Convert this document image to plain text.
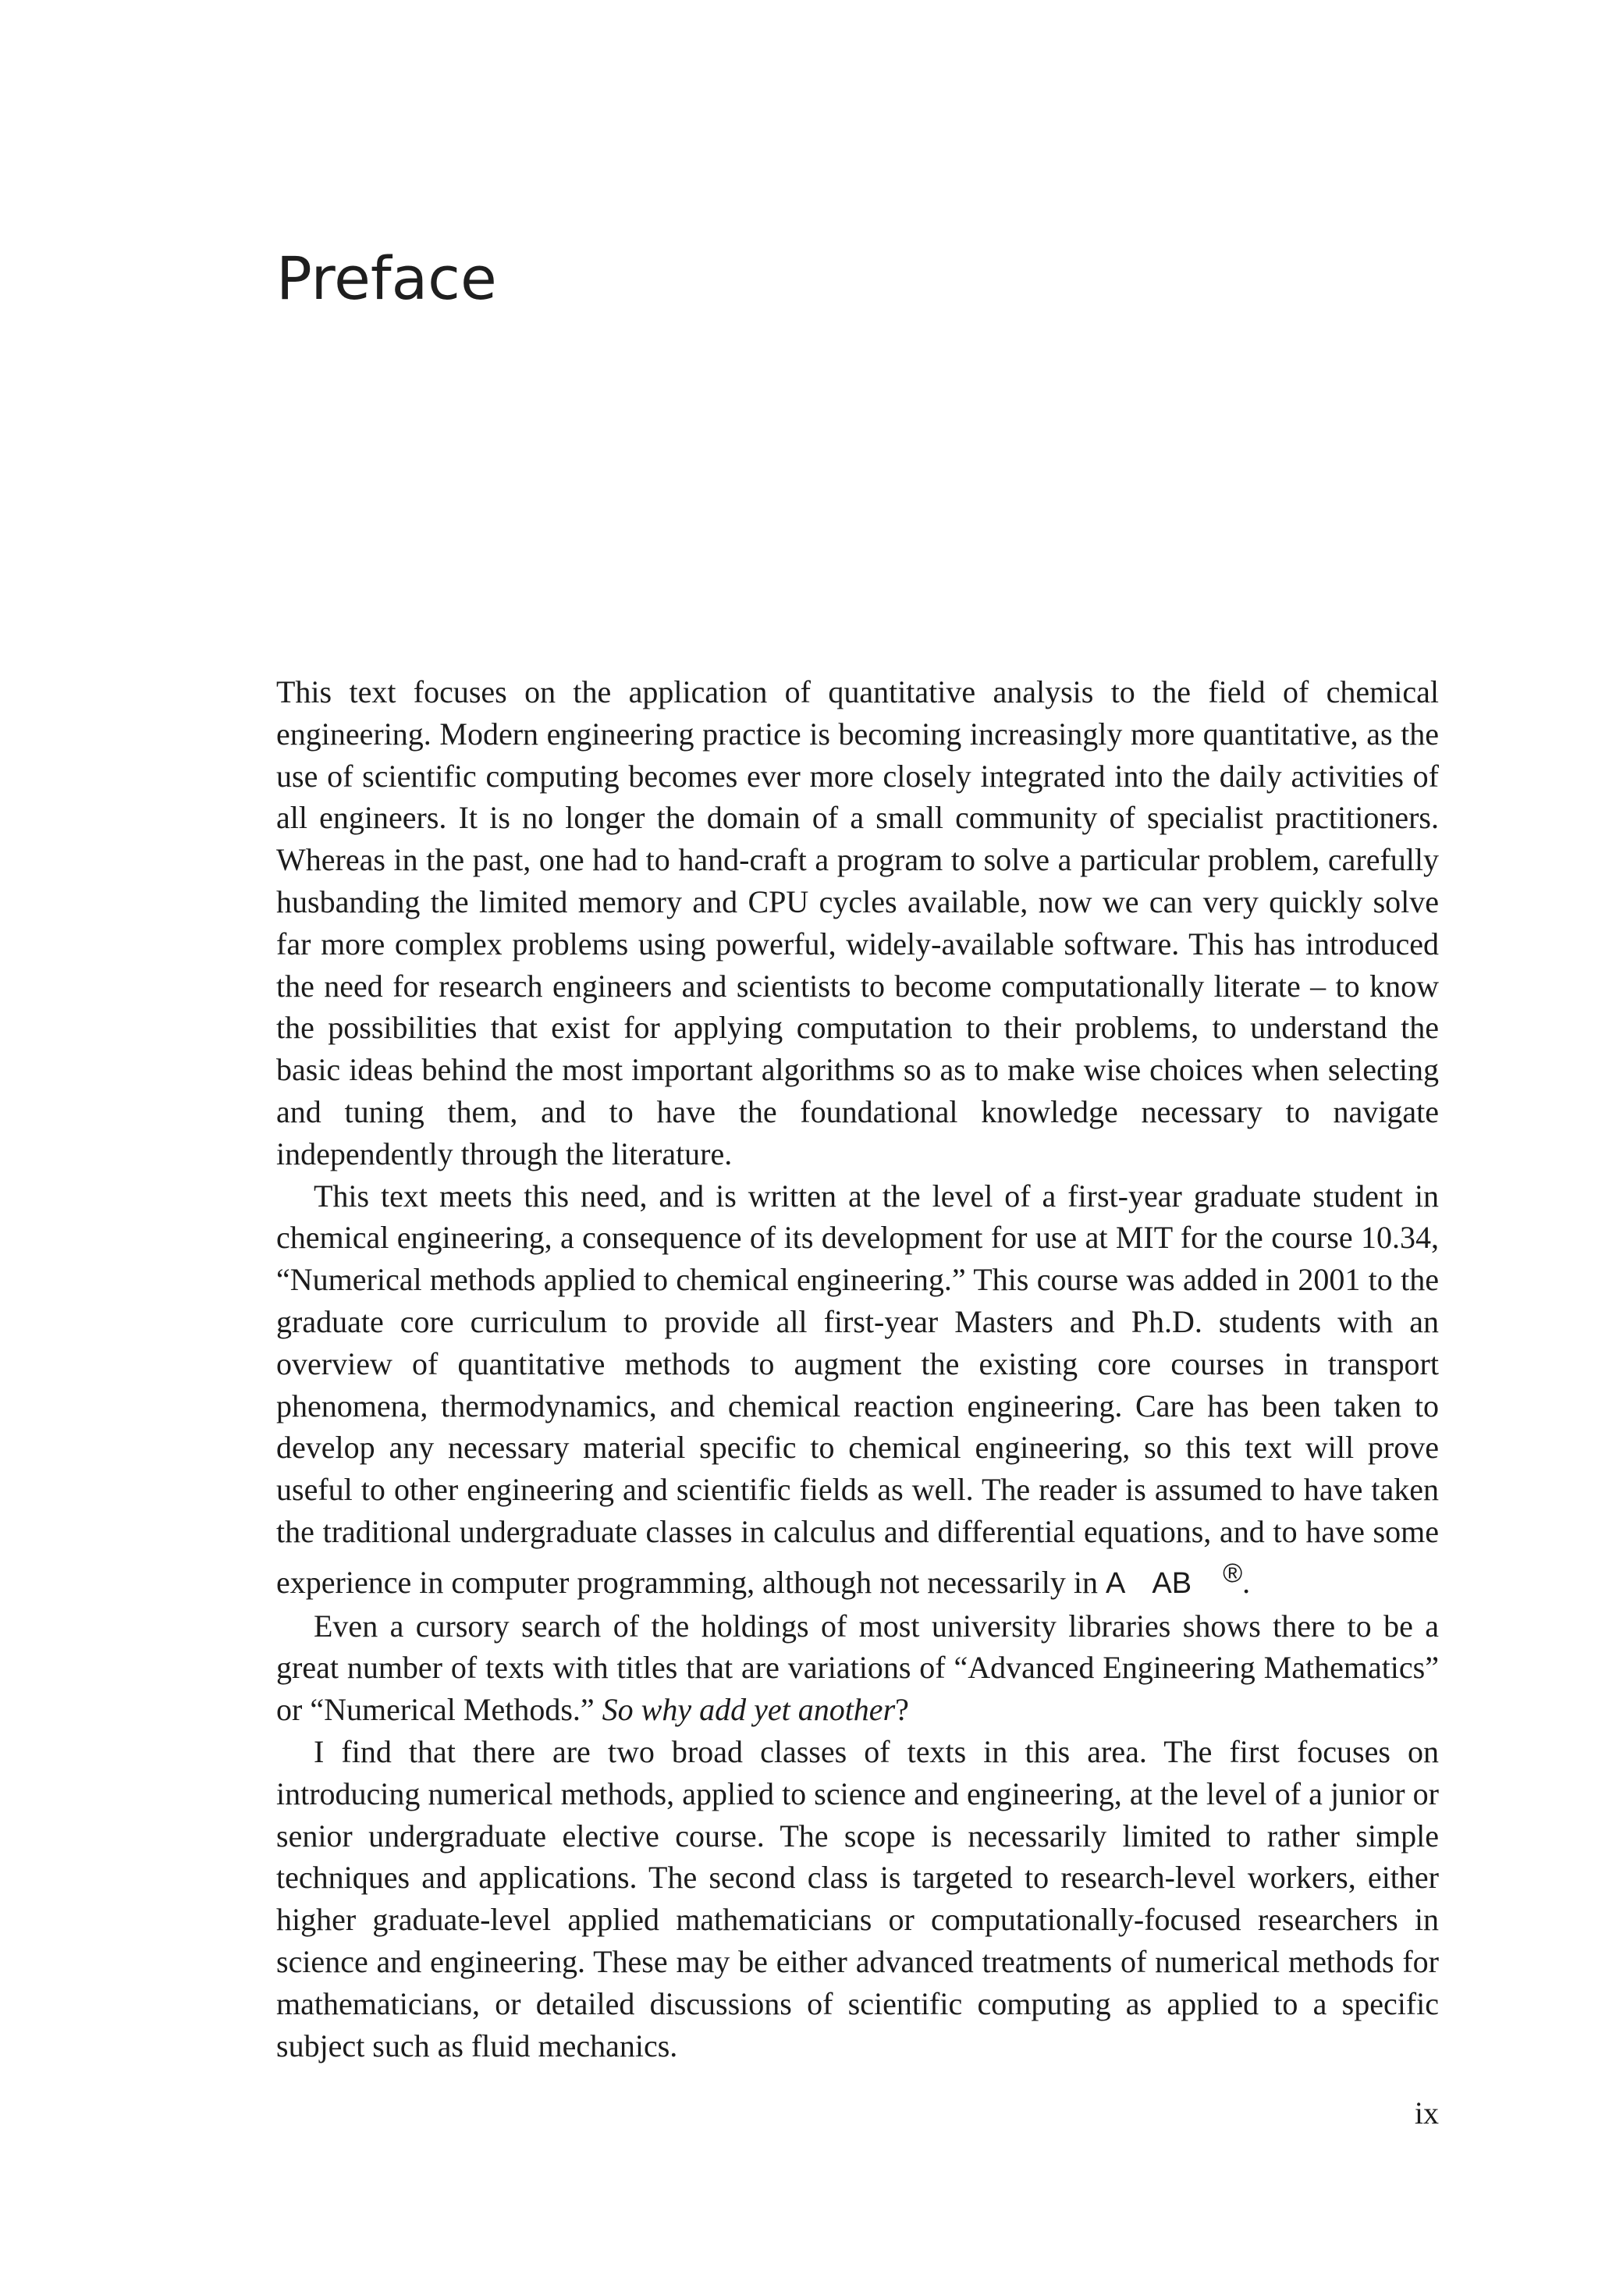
Preface

This text focuses on the application of quantitative analysis to the field of chemical engineering. Modern engineering practice is becoming increasingly more quantitative, as the use of scientific computing becomes ever more closely integrated into the daily activities of all engineers. It is no longer the domain of a small community of specialist practitioners. Whereas in the past, one had to hand-craft a program to solve a particular problem, carefully husbanding the limited memory and CPU cycles available, now we can very quickly solve far more complex problems using powerful, widely-available software. This has introduced the need for research engineers and scientists to become computationally literate – to know the possibilities that exist for applying computation to their problems, to understand the basic ideas behind the most important algorithms so as to make wise choices when selecting and tuning them, and to have the foundational knowledge necessary to navigate independently through the literature.

This text meets this need, and is written at the level of a first-year graduate student in chemical engineering, a consequence of its development for use at MIT for the course 10.34, “Numerical methods applied to chemical engineering.” This course was added in 2001 to the graduate core curriculum to provide all first-year Masters and Ph.D. students with an overview of quantitative methods to augment the existing core courses in transport phenomena, thermodynamics, and chemical reaction engineering. Care has been taken to develop any necessary material specific to chemical engineering, so this text will prove useful to other engineering and scientific fields as well. The reader is assumed to have taken the traditional undergraduate classes in calculus and differential equations, and to have some experience in computer programming, although not necessarily in A AB ®.

Even a cursory search of the holdings of most university libraries shows there to be a great number of texts with titles that are variations of “Advanced Engineering Mathematics” or “Numerical Methods.” So why add yet another?

I find that there are two broad classes of texts in this area. The first focuses on introducing numerical methods, applied to science and engineering, at the level of a junior or senior undergraduate elective course. The scope is necessarily limited to rather simple techniques and applications. The second class is targeted to research-level workers, either higher graduate-level applied mathematicians or computationally-focused researchers in science and engineering. These may be either advanced treatments of numerical methods for mathematicians, or detailed discussions of scientific computing as applied to a specific subject such as fluid mechanics.

ix
